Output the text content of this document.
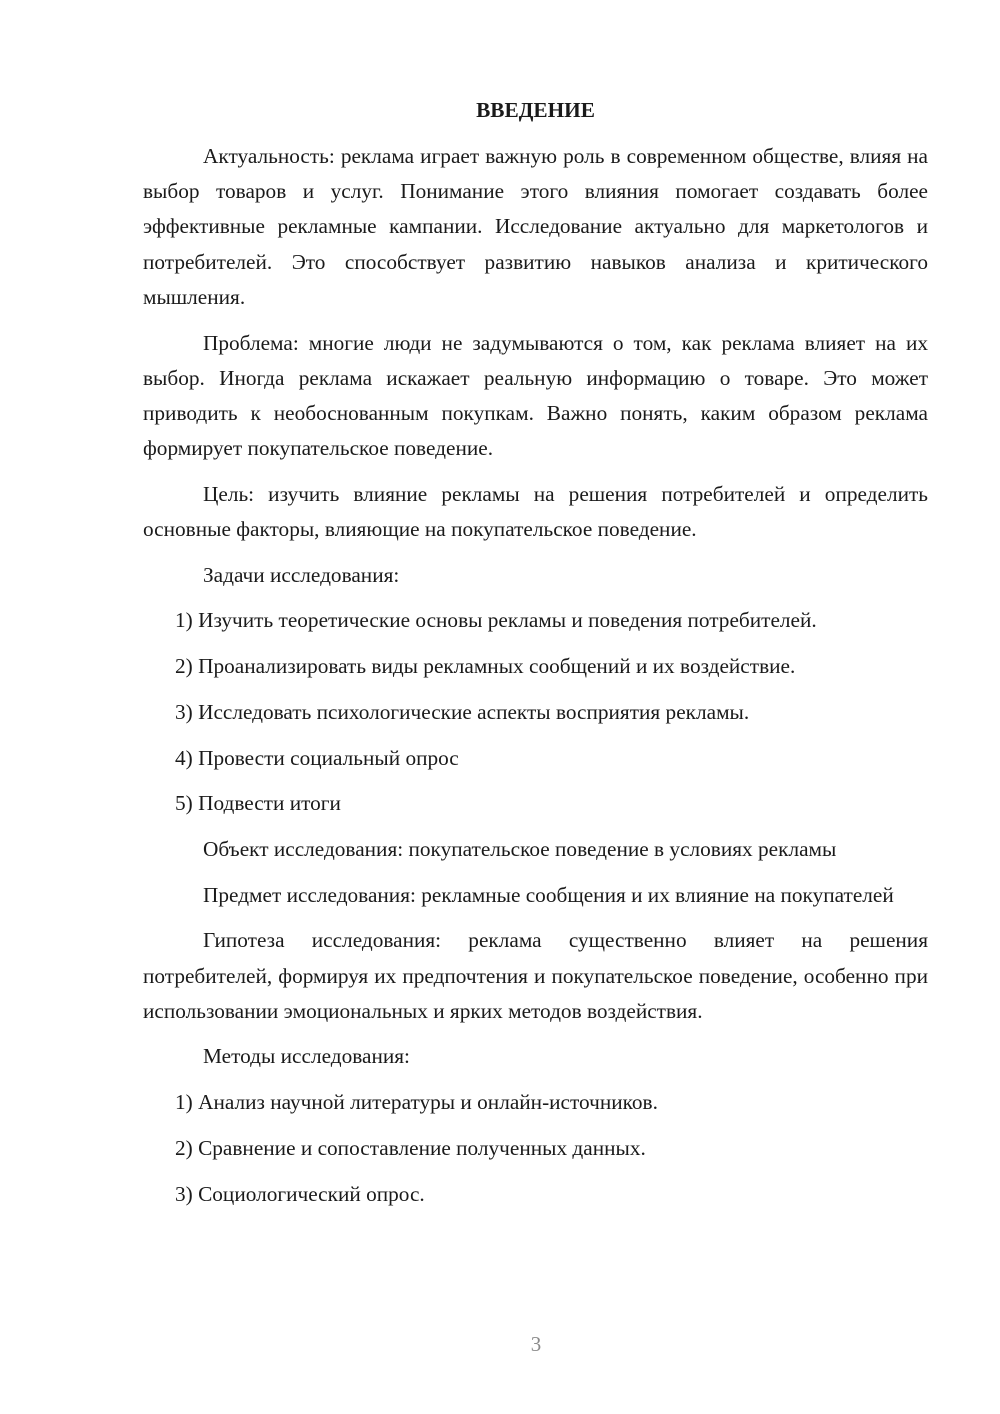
ВВЕДЕНИЕ

Актуальность: реклама играет важную роль в современном обществе, влияя на выбор товаров и услуг. Понимание этого влияния помогает создавать более эффективные рекламные кампании. Исследование актуально для маркетологов и потребителей. Это способствует развитию навыков анализа и критического мышления.

Проблема: многие люди не задумываются о том, как реклама влияет на их выбор. Иногда реклама искажает реальную информацию о товаре. Это может приводить к необоснованным покупкам. Важно понять, каким образом реклама формирует покупательское поведение.

Цель: изучить влияние рекламы на решения потребителей и определить основные факторы, влияющие на покупательское поведение.

Задачи исследования:

1) Изучить теоретические основы рекламы и поведения потребителей.

2) Проанализировать виды рекламных сообщений и их воздействие.

3) Исследовать психологические аспекты восприятия рекламы.

4) Провести социальный опрос

5) Подвести итоги

Объект исследования: покупательское поведение в условиях рекламы

Предмет исследования: рекламные сообщения и их влияние на покупателей

Гипотеза исследования: реклама существенно влияет на решения потребителей, формируя их предпочтения и покупательское поведение, особенно при использовании эмоциональных и ярких методов воздействия.

Методы исследования:

1) Анализ научной литературы и онлайн-источников.

2) Сравнение и сопоставление полученных данных.

3) Социологический опрос.

3
